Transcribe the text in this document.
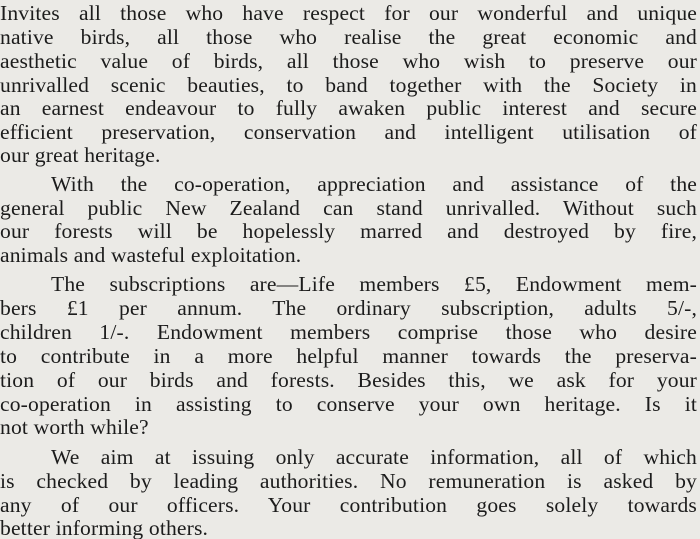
Invites all those who have respect for our wonderful and unique
native birds, all those who realise the great economic and
aesthetic value of birds, all those who wish to preserve our
unrivalled scenic beauties, to band together with the Society in
an earnest endeavour to fully awaken public interest and secure
efficient preservation, conservation and intelligent utilisation of
our great heritage.
With the co-operation, appreciation and assistance of the
general public New Zealand can stand unrivalled. Without such
our forests will be hopelessly marred and destroyed by fire,
animals and wasteful exploitation.
The subscriptions are—Life members £5, Endowment mem-
bers £1 per annum. The ordinary subscription, adults 5/-,
children 1/-. Endowment members comprise those who desire
to contribute in a more helpful manner towards the preserva-
tion of our birds and forests. Besides this, we ask for your
co-operation in assisting to conserve your own heritage. Is it
not worth while?
We aim at issuing only accurate information, all of which
is checked by leading authorities. No remuneration is asked by
any of our officers. Your contribution goes solely towards
better informing others.
